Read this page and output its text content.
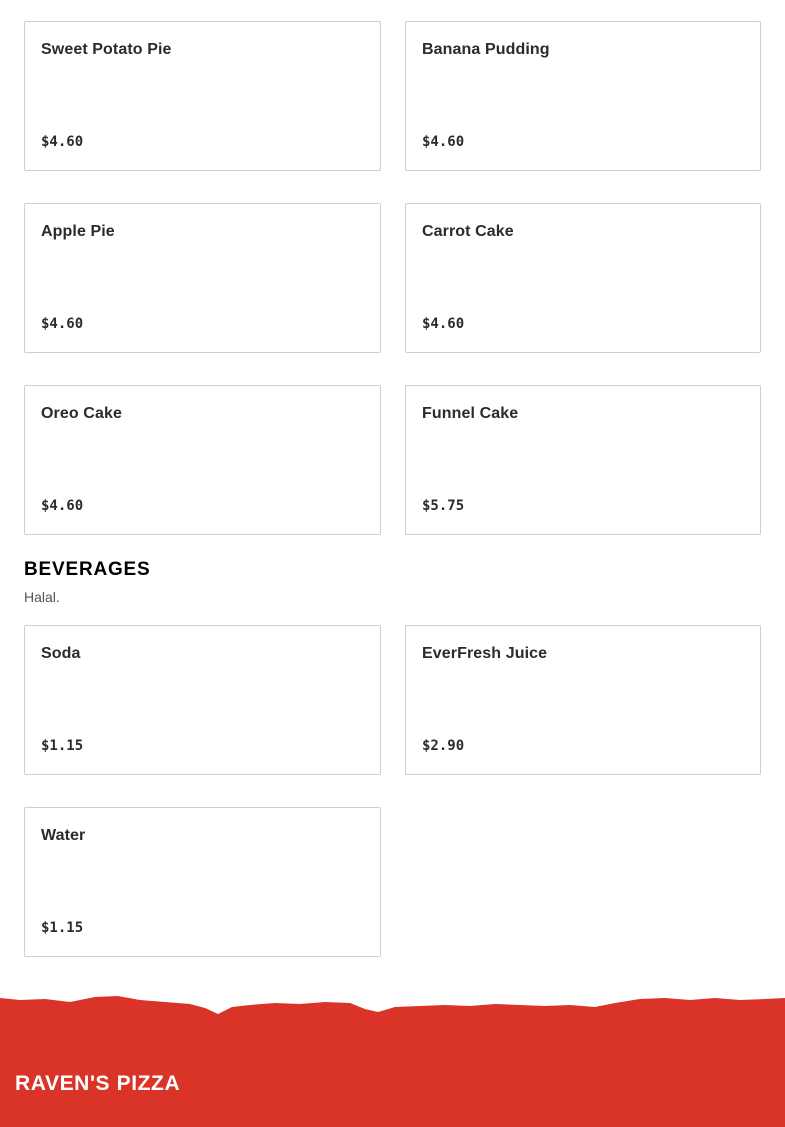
Sweet Potato Pie
$4.60
Banana Pudding
$4.60
Apple Pie
$4.60
Carrot Cake
$4.60
Oreo Cake
$4.60
Funnel Cake
$5.75
BEVERAGES
Halal.
Soda
$1.15
EverFresh Juice
$2.90
Water
$1.15
RAVEN'S PIZZA
